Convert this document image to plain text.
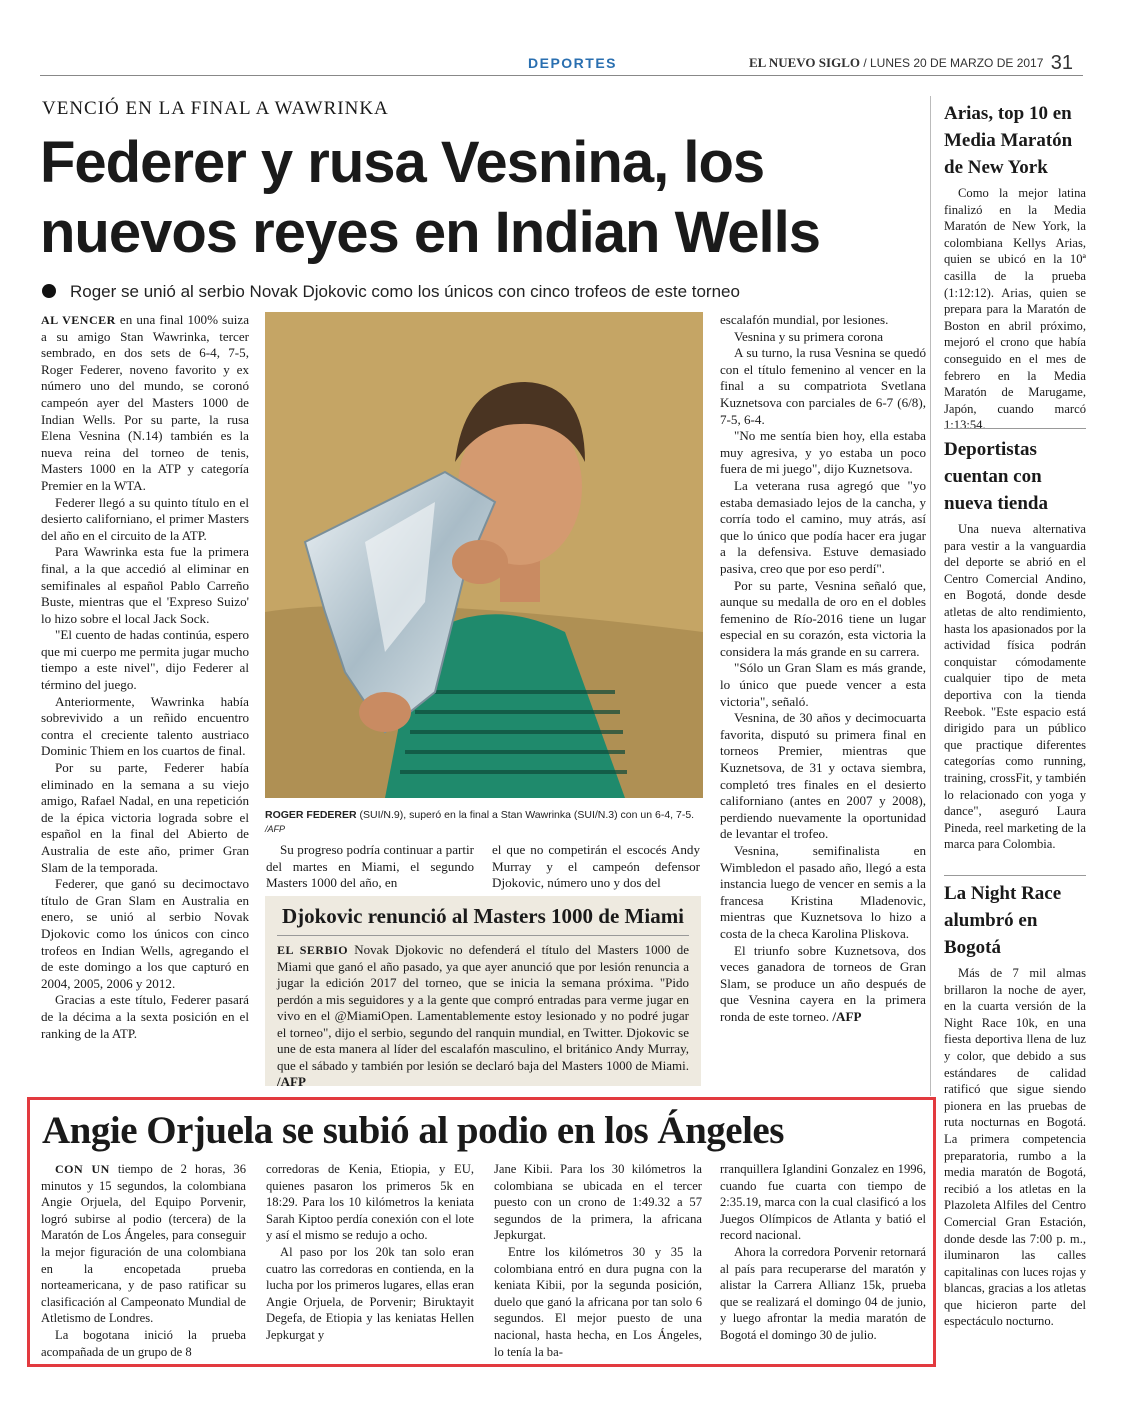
DEPORTES	EL NUEVO SIGLO / LUNES 20 DE MARZO DE 2017 31
VENCIÓ EN LA FINAL A WAWRINKA
Federer y rusa Vesnina, los nuevos reyes en Indian Wells
Roger se unió al serbio Novak Djokovic como los únicos con cinco trofeos de este torneo

AL VENCER en una final 100% suiza a su amigo Stan Wawrinka, tercer sembrado, en dos sets de 6-4, 7-5, Roger Federer, noveno favorito y ex número uno del mundo, se coronó campeón ayer del Masters 1000 de Indian Wells. Por su parte, la rusa Elena Vesnina (N.14) también es la nueva reina del torneo de tenis, Masters 1000 en la ATP y categoría Premier en la WTA.

Federer llegó a su quinto título en el desierto californiano, el primer Masters del año en el circuito de la ATP.

Para Wawrinka esta fue la primera final, a la que accedió al eliminar en semifinales al español Pablo Carreño Buste, mientras que el 'Expreso Suizo' lo hizo sobre el local Jack Sock.

"El cuento de hadas continúa, espero que mi cuerpo me permita jugar mucho tiempo a este nivel", dijo Federer al término del juego.

Anteriormente, Wawrinka había sobrevivido a un reñido encuentro contra el creciente talento austriaco Dominic Thiem en los cuartos de final.

Por su parte, Federer había eliminado en la semana a su viejo amigo, Rafael Nadal, en una repetición de la épica victoria lograda sobre el español en la final del Abierto de Australia de este año, primer Gran Slam de la temporada.

Federer, que ganó su decimoctavo título de Gran Slam en Australia en enero, se unió al serbio Novak Djokovic como los únicos con cinco trofeos en Indian Wells, agregando el de este domingo a los que capturó en 2004, 2005, 2006 y 2012.

Gracias a este título, Federer pasará de la décima a la sexta posición en el ranking de la ATP.

ROGER FEDERER (SUI/N.9), superó en la final a Stan Wawrinka (SUI/N.3) con un 6-4, 7-5. /AFP

Su progreso podría continuar a partir del martes en Miami, el segundo Masters 1000 del año, en

el que no competirán el escocés Andy Murray y el campeón defensor Djokovic, número uno y dos del

Djokovic renunció al Masters 1000 de Miami
EL SERBIO Novak Djokovic no defenderá el título del Masters 1000 de Miami que ganó el año pasado, ya que ayer anunció que por lesión renuncia a jugar la edición 2017 del torneo, que se inicia la semana próxima. "Pido perdón a mis seguidores y a la gente que compró entradas para verme jugar en vivo en el @MiamiOpen. Lamentablemente estoy lesionado y no podré jugar el torneo", dijo el serbio, segundo del ranquin mundial, en Twitter. Djokovic se une de esta manera al líder del escalafón masculino, el británico Andy Murray, que el sábado y también por lesión se declaró baja del Masters 1000 de Miami. /AFP

escalafón mundial, por lesiones.

Vesnina y su primera corona

A su turno, la rusa Vesnina se quedó con el título femenino al vencer en la final a su compatriota Svetlana Kuznetsova con parciales de 6-7 (6/8), 7-5, 6-4.

"No me sentía bien hoy, ella estaba muy agresiva, y yo estaba un poco fuera de mi juego", dijo Kuznetsova.

La veterana rusa agregó que "yo estaba demasiado lejos de la cancha, y corría todo el camino, muy atrás, así que lo único que podía hacer era jugar a la defensiva. Estuve demasiado pasiva, creo que por eso perdí".

Por su parte, Vesnina señaló que, aunque su medalla de oro en el dobles femenino de Río-2016 tiene un lugar especial en su corazón, esta victoria la considera la más grande en su carrera.

"Sólo un Gran Slam es más grande, lo único que puede vencer a esta victoria", señaló.

Vesnina, de 30 años y decimocuarta favorita, disputó su primera final en torneos Premier, mientras que Kuznetsova, de 31 y octava siembra, completó tres finales en el desierto californiano (antes en 2007 y 2008), perdiendo nuevamente la oportunidad de levantar el trofeo.

Vesnina, semifinalista en Wimbledon el pasado año, llegó a esta instancia luego de vencer en semis a la francesa Kristina Mladenovic, mientras que Kuznetsova lo hizo a costa de la checa Karolina Pliskova.

El triunfo sobre Kuznetsova, dos veces ganadora de torneos de Gran Slam, se produce un año después de que Vesnina cayera en la primera ronda de este torneo. /AFP

Arias, top 10 en Media Maratón de New York

Como la mejor latina finalizó en la Media Maratón de New York, la colombiana Kellys Arias, quien se ubicó en la 10ª casilla de la prueba (1:12:12). Arias, quien se prepara para la Maratón de Boston en abril próximo, mejoró el crono que había conseguido en el mes de febrero en la Media Maratón de Marugame, Japón, cuando marcó 1:13:54.

Deportistas cuentan con nueva tienda

Una nueva alternativa para vestir a la vanguardia del deporte se abrió en el Centro Comercial Andino, en Bogotá, donde desde atletas de alto rendimiento, hasta los apasionados por la actividad física podrán conquistar cómodamente cualquier tipo de meta deportiva con la tienda Reebok. "Este espacio está dirigido para un público que practique diferentes categorías como running, training, crossFit, y también lo relacionado con yoga y dance", aseguró Laura Pineda, reel marketing de la marca para Colombia.

La Night Race alumbró en Bogotá

Más de 7 mil almas brillaron la noche de ayer, en la cuarta versión de la Night Race 10k, en una fiesta deportiva llena de luz y color, que debido a sus estándares de calidad ratificó que sigue siendo pionera en las pruebas de ruta nocturnas en Bogotá. La primera competencia preparatoria, rumbo a la media maratón de Bogotá, recibió a los atletas en la Plazoleta Alfiles del Centro Comercial Gran Estación, donde desde las 7:00 p. m., iluminaron las calles capitalinas con luces rojas y blancas, gracias a los atletas que hicieron parte del espectáculo nocturno.

Angie Orjuela se subió al podio en los Ángeles

CON UN tiempo de 2 horas, 36 minutos y 15 segundos, la colombiana Angie Orjuela, del Equipo Porvenir, logró subirse al podio (tercera) de la Maratón de Los Ángeles, para conseguir la mejor figuración de una colombiana en la encopetada prueba norteamericana, y de paso ratificar su clasificación al Campeonato Mundial de Atletismo de Londres.

La bogotana inició la prueba acompañada de un grupo de 8

corredoras de Kenia, Etiopia, y EU, quienes pasaron los primeros 5k en 18:29. Para los 10 kilómetros la keniata Sarah Kiptoo perdía conexión con el lote y así el mismo se redujo a ocho.

Al paso por los 20k tan solo eran cuatro las corredoras en contienda, en la lucha por los primeros lugares, ellas eran Angie Orjuela, de Porvenir; Biruktayit Degefa, de Etiopia y las keniatas Hellen Jepkurgat y

Jane Kibii. Para los 30 kilómetros la colombiana se ubicada en el tercer puesto con un crono de 1:49.32 a 57 segundos de la primera, la africana Jepkurgat.

Entre los kilómetros 30 y 35 la colombiana entró en dura pugna con la keniata Kibii, por la segunda posición, duelo que ganó la africana por tan solo 6 segundos. El mejor puesto de una nacional, hasta hecha, en Los Ángeles, lo tenía la ba-

rranquillera Iglandini Gonzalez en 1996, cuando fue cuarta con tiempo de 2:35.19, marca con la cual clasificó a los Juegos Olímpicos de Atlanta y batió el record nacional.

Ahora la corredora Porvenir retornará al país para recuperarse del maratón y alistar la Carrera Allianz 15k, prueba que se realizará el domingo 04 de junio, y luego afrontar la media maratón de Bogotá el domingo 30 de julio.
